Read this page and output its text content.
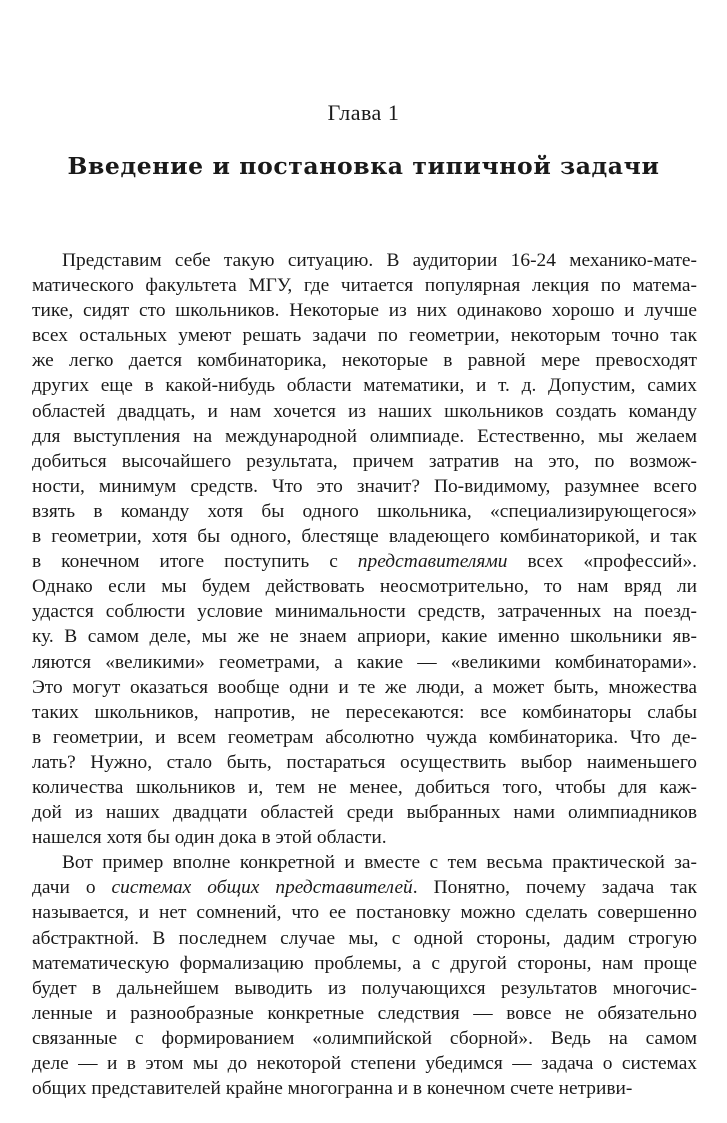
Глава 1
Введение и постановка типичной задачи
Представим себе такую ситуацию. В аудитории 16-24 механико-мате-
матического факультета МГУ, где читается популярная лекция по матема-
тике, сидят сто школьников. Некоторые из них одинаково хорошо и лучше
всех остальных умеют решать задачи по геометрии, некоторым точно так
же легко дается комбинаторика, некоторые в равной мере превосходят
других еще в какой-нибудь области математики, и т. д. Допустим, самих
областей двадцать, и нам хочется из наших школьников создать команду
для выступления на международной олимпиаде. Естественно, мы желаем
добиться высочайшего результата, причем затратив на это, по возмож-
ности, минимум средств. Что это значит? По-видимому, разумнее всего
взять в команду хотя бы одного школьника, «специализирующегося»
в геометрии, хотя бы одного, блестяще владеющего комбинаторикой, и так
в конечном итоге поступить с представителями всех «профессий».
Однако если мы будем действовать неосмотрительно, то нам вряд ли
удастся соблюсти условие минимальности средств, затраченных на поезд-
ку. В самом деле, мы же не знаем априори, какие именно школьники яв-
ляются «великими» геометрами, а какие — «великими комбинаторами».
Это могут оказаться вообще одни и те же люди, а может быть, множества
таких школьников, напротив, не пересекаются: все комбинаторы слабы
в геометрии, и всем геометрам абсолютно чужда комбинаторика. Что де-
лать? Нужно, стало быть, постараться осуществить выбор наименьшего
количества школьников и, тем не менее, добиться того, чтобы для каж-
дой из наших двадцати областей среди выбранных нами олимпиадников
нашелся хотя бы один дока в этой области.
Вот пример вполне конкретной и вместе с тем весьма практической за-
дачи о системах общих представителей. Понятно, почему задача так
называется, и нет сомнений, что ее постановку можно сделать совершенно
абстрактной. В последнем случае мы, с одной стороны, дадим строгую
математическую формализацию проблемы, а с другой стороны, нам проще
будет в дальнейшем выводить из получающихся результатов многочис-
ленные и разнообразные конкретные следствия — вовсе не обязательно
связанные с формированием «олимпийской сборной». Ведь на самом
деле — и в этом мы до некоторой степени убедимся — задача о системах
общих представителей крайне многогранна и в конечном счете нетриви-
